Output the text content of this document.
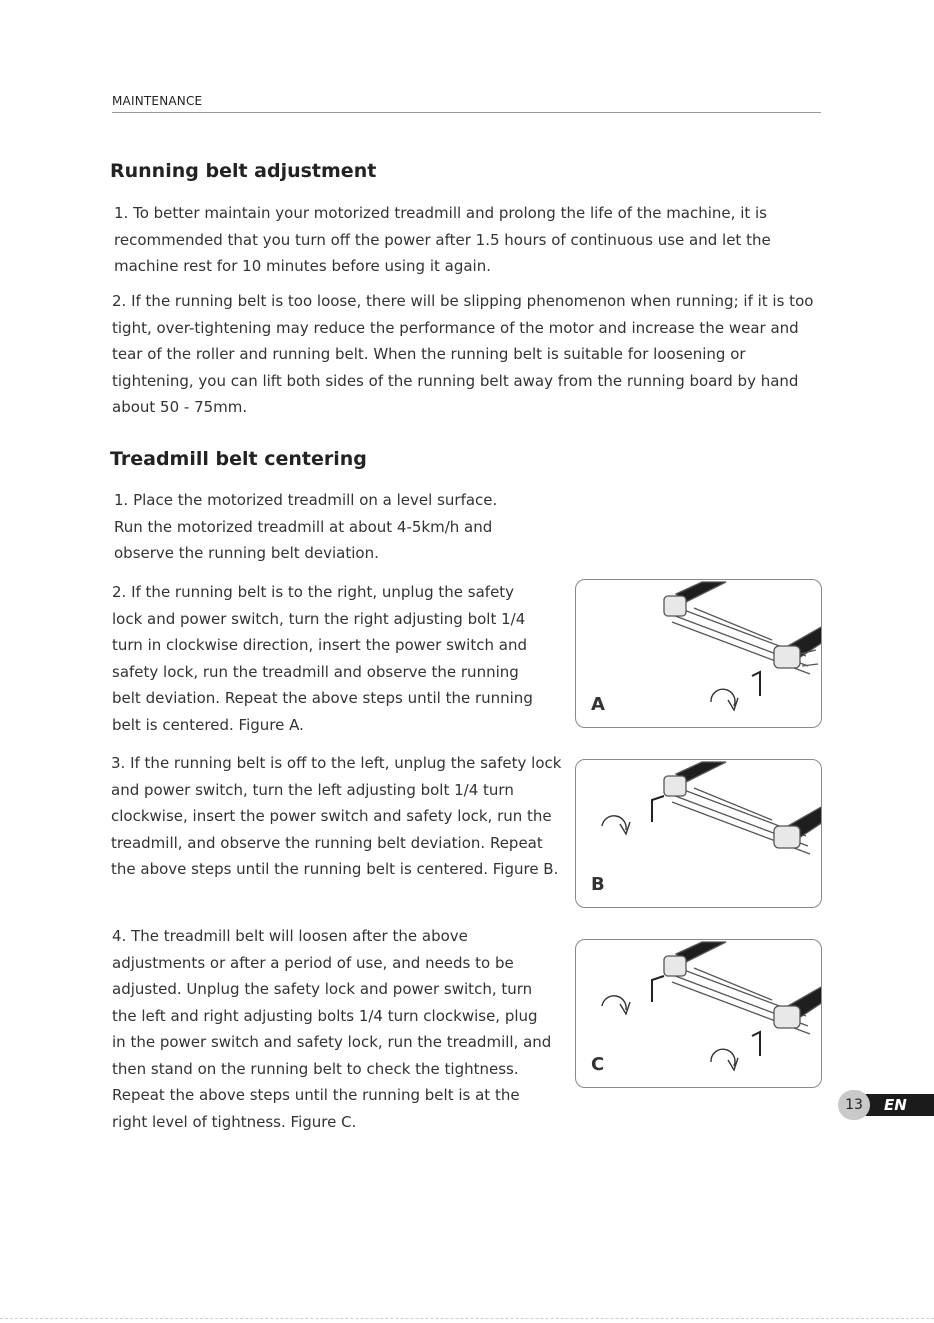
MAINTENANCE
Running belt adjustment

1. To better maintain your motorized treadmill and prolong the life of the machine, it is recommended that you turn off the power after 1.5 hours of continuous use and let the machine rest for 10 minutes before using it again.

2. If the running belt is too loose, there will be slipping phenomenon when running; if it is too tight, over-tightening may reduce the performance of the motor and increase the wear and tear of the roller and running belt. When the running belt is suitable for loosening or tightening, you can lift both sides of the running belt away from the running board by hand about 50 - 75mm.

Treadmill belt centering

1. Place the motorized treadmill on a level surface. Run the motorized treadmill at about 4-5km/h and observe the running belt deviation.

2. If the running belt is to the right, unplug the safety lock and power switch, turn the right adjusting bolt 1/4 turn in clockwise direction, insert the power switch and safety lock, run the treadmill and observe the running belt deviation. Repeat the above steps until the running belt is centered. Figure A.

3. If the running belt is off to the left, unplug the safety lock and power switch, turn the left adjusting bolt 1/4 turn clockwise, insert the power switch and safety lock, run the treadmill, and observe the running belt deviation. Repeat the above steps until the running belt is centered. Figure B.

4. The treadmill belt will loosen after the above adjustments or after a period of use, and needs to be adjusted. Unplug the safety lock and power switch, turn the left and right adjusting bolts 1/4 turn clockwise, plug in the power switch and safety lock, run the treadmill, and then stand on the running belt to check the tightness. Repeat the above steps until the running belt is at the right level of tightness. Figure C.

A
B
C
13	EN
